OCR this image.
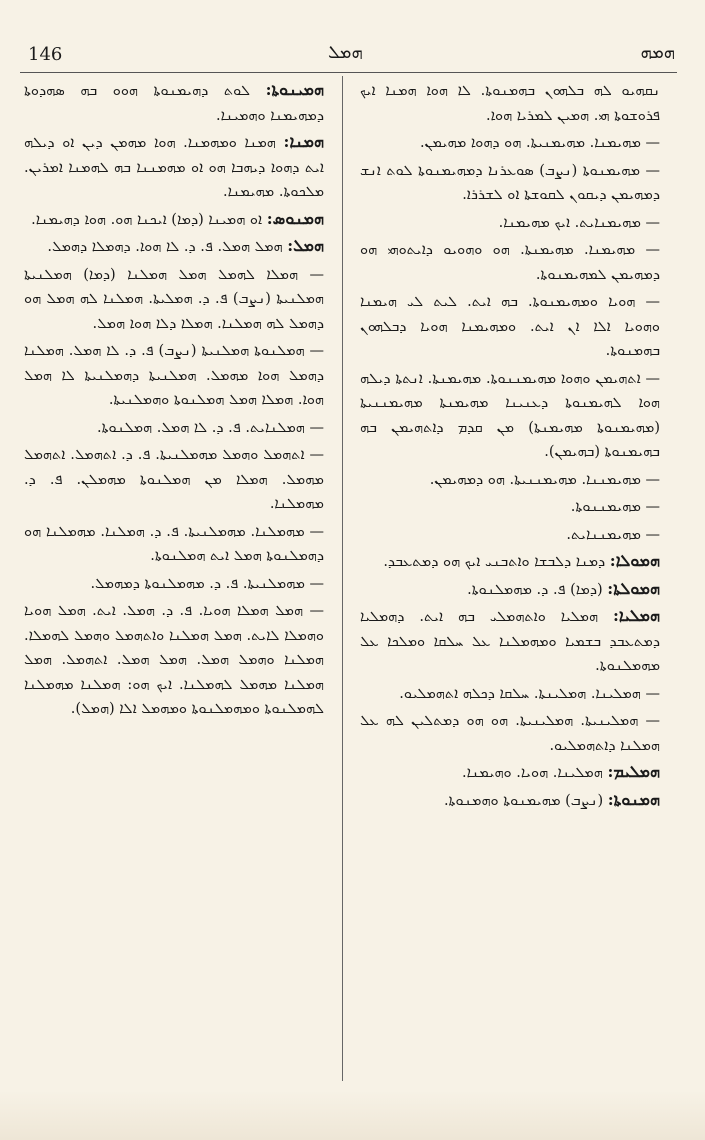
146	ܗܡܠ	ܗܡܗ

ܢܩܗܝܘ ܠܗ ܒܠܗܘܢ ܒܗܡܢܘܬܐ. ܠܐ ܗܘܐ ܗܡܢܐ ܐܝܟ ܦܪܘܫܘܬܐ ܗܝ. ܗܡܝܢ ܠܡܪܝܐ ܗܘܐ.

— ܡܗܝܡܢܐ. ܡܗܝܡܢܝܬܐ. ܗܘ ܕܗܘܐ ܡܗܝܡܢ.

— ܡܗܝܡܢܘܬܐ (ܢܨܒ) ܣܘܥܪܢܐ ܕܡܗܝܡܢܘܬܐ ܠܘܬ ܐܢܫ ܕܡܗܝܡܢ ܕܝܩܘܢ ܠܩܘܫܬܐ ܐܘ ܠܫܪܪܐ.

— ܡܗܝܡܢܐܝܬ. ܐܝܟ ܡܗܝܡܢܐ.

— ܡܗܝܡܢܐ. ܡܗܝܡܢܬܐ. ܗܘ ܘܗܘܝܘ ܕܐܝܬܘܗܝ ܗܘ ܕܡܗܝܡܢ ܠܡܗܝܡܢܘܬܐ.

— ܗܘܝܐ ܘܡܗܝܡܢܘܬܐ. ܒܗ ܐܝܬ. ܠܝܬ ܠܝ ܗܝܡܢܐ ܘܗܘܝܐ ܐܠܐ ܐܢ ܐܝܬ. ܘܡܗܝܡܢܐ ܗܘܝܐ ܕܒܠܗܘܢ ܒܗܡܢܘܬܐ.

— ܐܬܗܝܡܢ ܘܗܘܐ ܡܗܝܡܢܢܘܬܐ. ܡܗܝܡܢܬܐ. ܐܢܬܬܐ ܕܝܠܗ ܗܘܐ ܠܗܝܡܢܘܬܐ ܕܥܢܝܢܐ ܡܗܝܡܢܬܐ ܡܗܝܡܢܢܝܬܐ (ܡܗܝܡܢܘܬܐ ܡܗܝܡܢܬܐ) ܡܢ ܩܕܡ ܕܐܬܗܝܡܢ ܒܗ ܒܗܝܡܢܘܬܐ (ܒܗܝܡܢ).

— ܡܗܝܡܢܢܐ. ܡܗܝܡܢܢܝܬܐ. ܗܘ ܕܡܗܝܡܢ.

— ܡܗܝܡܢܢܘܬܐ.

— ܡܗܝܡܢܢܐܝܬ.

ܗܡܘܠܐ: ܕܡܢܐ ܕܠܒܫܐ ܘܐܬܒܢܝ ܐܝܟ ܗܘ ܕܡܬܥܒܕ.

ܗܡܘܠܬܐ: (ܕܡܐ) ܦ. ܕ. ܡܗܡܠܢܘܬܐ.

ܗܡܠܝܐ: ܗܡܠܝܐ ܘܐܬܗܡܠܝ ܒܗ ܐܝܬ. ܕܗܡܠܝܐ ܕܡܬܥܒܕ ܒܫܡܝܐ ܘܡܗܡܠܢܐ ܥܠ ܚܠܩܐ ܘܡܠܟܐ ܥܠ ܡܗܡܠܢܘܬܐ.

— ܗܡܠܝܢܐ. ܗܡܠܝܢܬܐ. ܚܠܩܐ ܕܟܠܗ ܐܬܗܡܠܝܘ.

— ܗܡܠܝܢܝܬܐ. ܗܡܠܝܢܝܬܐ. ܗܘ ܗܘ ܕܡܬܠܝܢ ܠܗ ܥܠ ܗܡܠܢܐ ܕܐܬܗܡܠܝܘ.

ܗܡܠܝܡ: ܗܡܠܝܢܐ. ܗܘܝܐ. ܘܗܝܡܢܐ.

ܗܡܢܘܬܐ: (ܢܨܒ) ܡܗܝܡܢܘܬܐ ܘܗܡܢܘܬܐ.

ܗܡܝܢܘܬܐ: ܠܘܬ ܕܗܝܡܢܘܬܐ ܗܘܘ ܒܗ ܣܗܕܘܬܐ ܕܡܗܝܡܢܐ ܘܗܡܝܢܐ.

ܗܡܢܐ: ܗܡܢܐ ܘܡܗܡܢܐ. ܗܘܐ ܡܗܡܢ ܕܝܢ ܐܘ ܕܝܠܗ ܐܝܬ ܕܗܘܐ ܕܝܗܒܐ ܗܘ ܐܘ ܡܗܡܢܢܐ ܒܗ ܠܗܡܢܐ ܐܡܪܝܢ. ܡܠܟܘܬܐ. ܡܗܝܡܢܐ.

ܗܡܢܘܣ: ܐܘ ܗܡܝܢܐ (ܕܡܐ) ܐܝܟܢܐ ܗܘ. ܗܘܐ ܕܗܝܡܢܐ.

ܗܡܠ: ܗܡܠ ܗܡܠ. ܦ. ܕ. ܠܐ ܗܘܐ. ܕܗܡܠܐ ܕܗܡܠ.

— ܗܡܠܐ ܠܗܡܠ ܗܡܠ ܗܡܠܢܐ (ܕܡܐ) ܗܡܠܢܝܬܐ ܗܡܠܢܝܬܐ (ܢܨܒ) ܦ. ܕ. ܗܡܠܝܬܐ. ܗܡܠܢܐ ܠܗ ܗܡܠ ܗܘ ܕܗܡܠ ܠܗ ܗܡܠܢܐ. ܗܡܠܐ ܕܠܐ ܗܘܐ ܗܡܠ.

— ܗܡܠܢܘܬܐ ܗܡܠܢܝܬܐ (ܢܨܒ) ܦ. ܕ. ܠܐ ܗܡܠ. ܗܡܠܢܐ ܕܗܡܠ ܗܘܐ ܡܗܡܠ. ܗܡܠܢܝܬܐ ܕܗܡܠܢܝܬܐ ܠܐ ܗܡܠ ܗܘܐ. ܗܡܠܐ ܗܡܠ ܗܡܠܢܘܬܐ ܘܗܡܠܢܝܬܐ.

— ܗܡܠܢܐܝܬ. ܦ. ܕ. ܠܐ ܗܡܠ. ܗܡܠܢܘܬܐ.

— ܐܬܗܡܠ ܘܗܡܠ ܡܗܡܠܢܝܬܐ. ܦ. ܕ. ܐܬܗܡܠ. ܐܬܗܡܠ ܡܗܡܠ. ܗܡܠܐ ܡܢ ܗܡܠܢܘܬܐ ܡܗܡܠܢ. ܦ. ܕ. ܡܗܡܠܢܐ.

— ܡܗܡܠܢܐ. ܡܗܡܠܢܝܬܐ. ܦ. ܕ. ܗܡܠܢܐ. ܡܗܡܠܢܐ ܗܘ ܕܗܡܠܢܘܬܐ ܗܡܠ ܐܝܬ ܗܡܠܢܘܬܐ.

— ܡܗܡܠܢܝܬܐ. ܦ. ܕ. ܡܗܡܠܢܘܬܐ ܕܡܗܡܠ.

— ܗܡܠ ܗܡܠܐ ܗܘܝܐ. ܦ. ܕ. ܗܡܠ. ܐܝܬ. ܗܡܠ ܗܘܝܐ ܘܗܡܠܐ ܠܐܝܬ. ܗܡܠ ܗܡܠܢܐ ܘܐܬܗܡܠ ܘܗܡܠ ܠܗܡܠܐ. ܗܡܠܢܐ ܘܗܡܠ ܗܡܠ. ܗܡܠ ܗܡܠ. ܐܬܗܡܠ. ܗܡܠ ܗܡܠܢܐ ܡܗܡܠ ܠܗܡܠܢܐ. ܐܝܟ ܗܘ: ܗܡܠܢܐ ܡܗܡܠܢܐ ܠܗܡܠܢܘܬܐ ܘܡܗܡܠܢܘܬܐ ܘܡܗܡܠ ܐܠܐ (ܗܡܠ).
